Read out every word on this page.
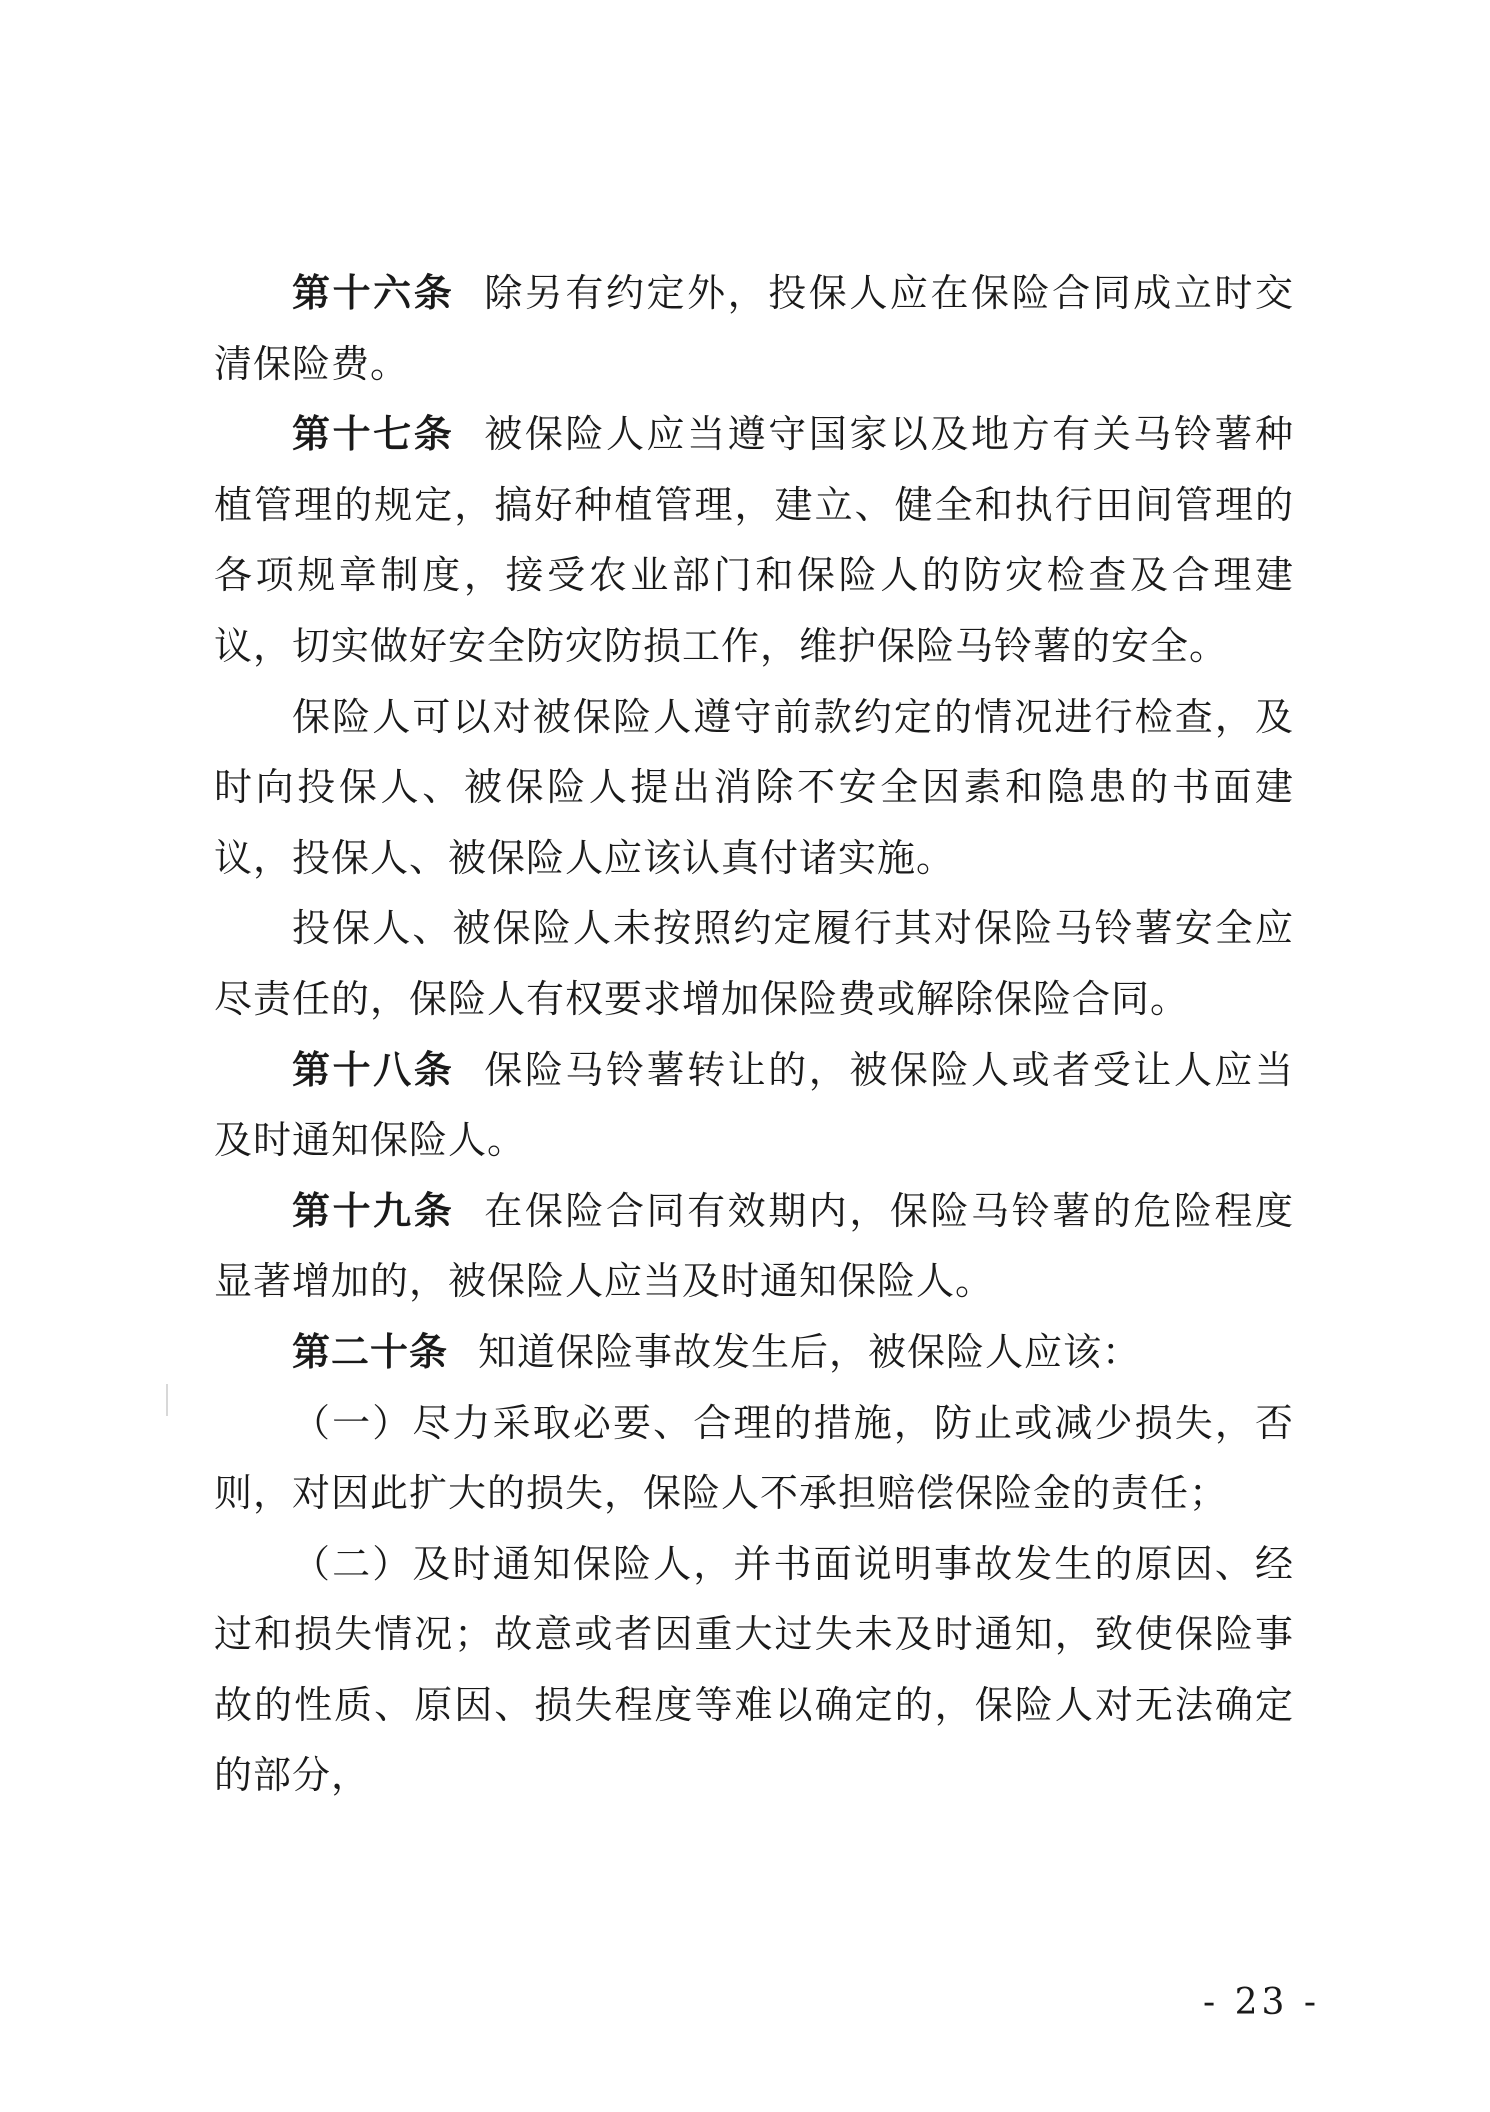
第十六条 除另有约定外，投保人应在保险合同成立时交清保险费。

第十七条 被保险人应当遵守国家以及地方有关马铃薯种植管理的规定，搞好种植管理，建立、健全和执行田间管理的各项规章制度，接受农业部门和保险人的防灾检查及合理建议，切实做好安全防灾防损工作，维护保险马铃薯的安全。

保险人可以对被保险人遵守前款约定的情况进行检查，及时向投保人、被保险人提出消除不安全因素和隐患的书面建议，投保人、被保险人应该认真付诸实施。

投保人、被保险人未按照约定履行其对保险马铃薯安全应尽责任的，保险人有权要求增加保险费或解除保险合同。

第十八条 保险马铃薯转让的，被保险人或者受让人应当及时通知保险人。

第十九条 在保险合同有效期内，保险马铃薯的危险程度显著增加的，被保险人应当及时通知保险人。

第二十条 知道保险事故发生后，被保险人应该：

（一）尽力采取必要、合理的措施，防止或减少损失，否则，对因此扩大的损失，保险人不承担赔偿保险金的责任；

（二）及时通知保险人，并书面说明事故发生的原因、经过和损失情况；故意或者因重大过失未及时通知，致使保险事故的性质、原因、损失程度等难以确定的，保险人对无法确定的部分，

- 23 -
